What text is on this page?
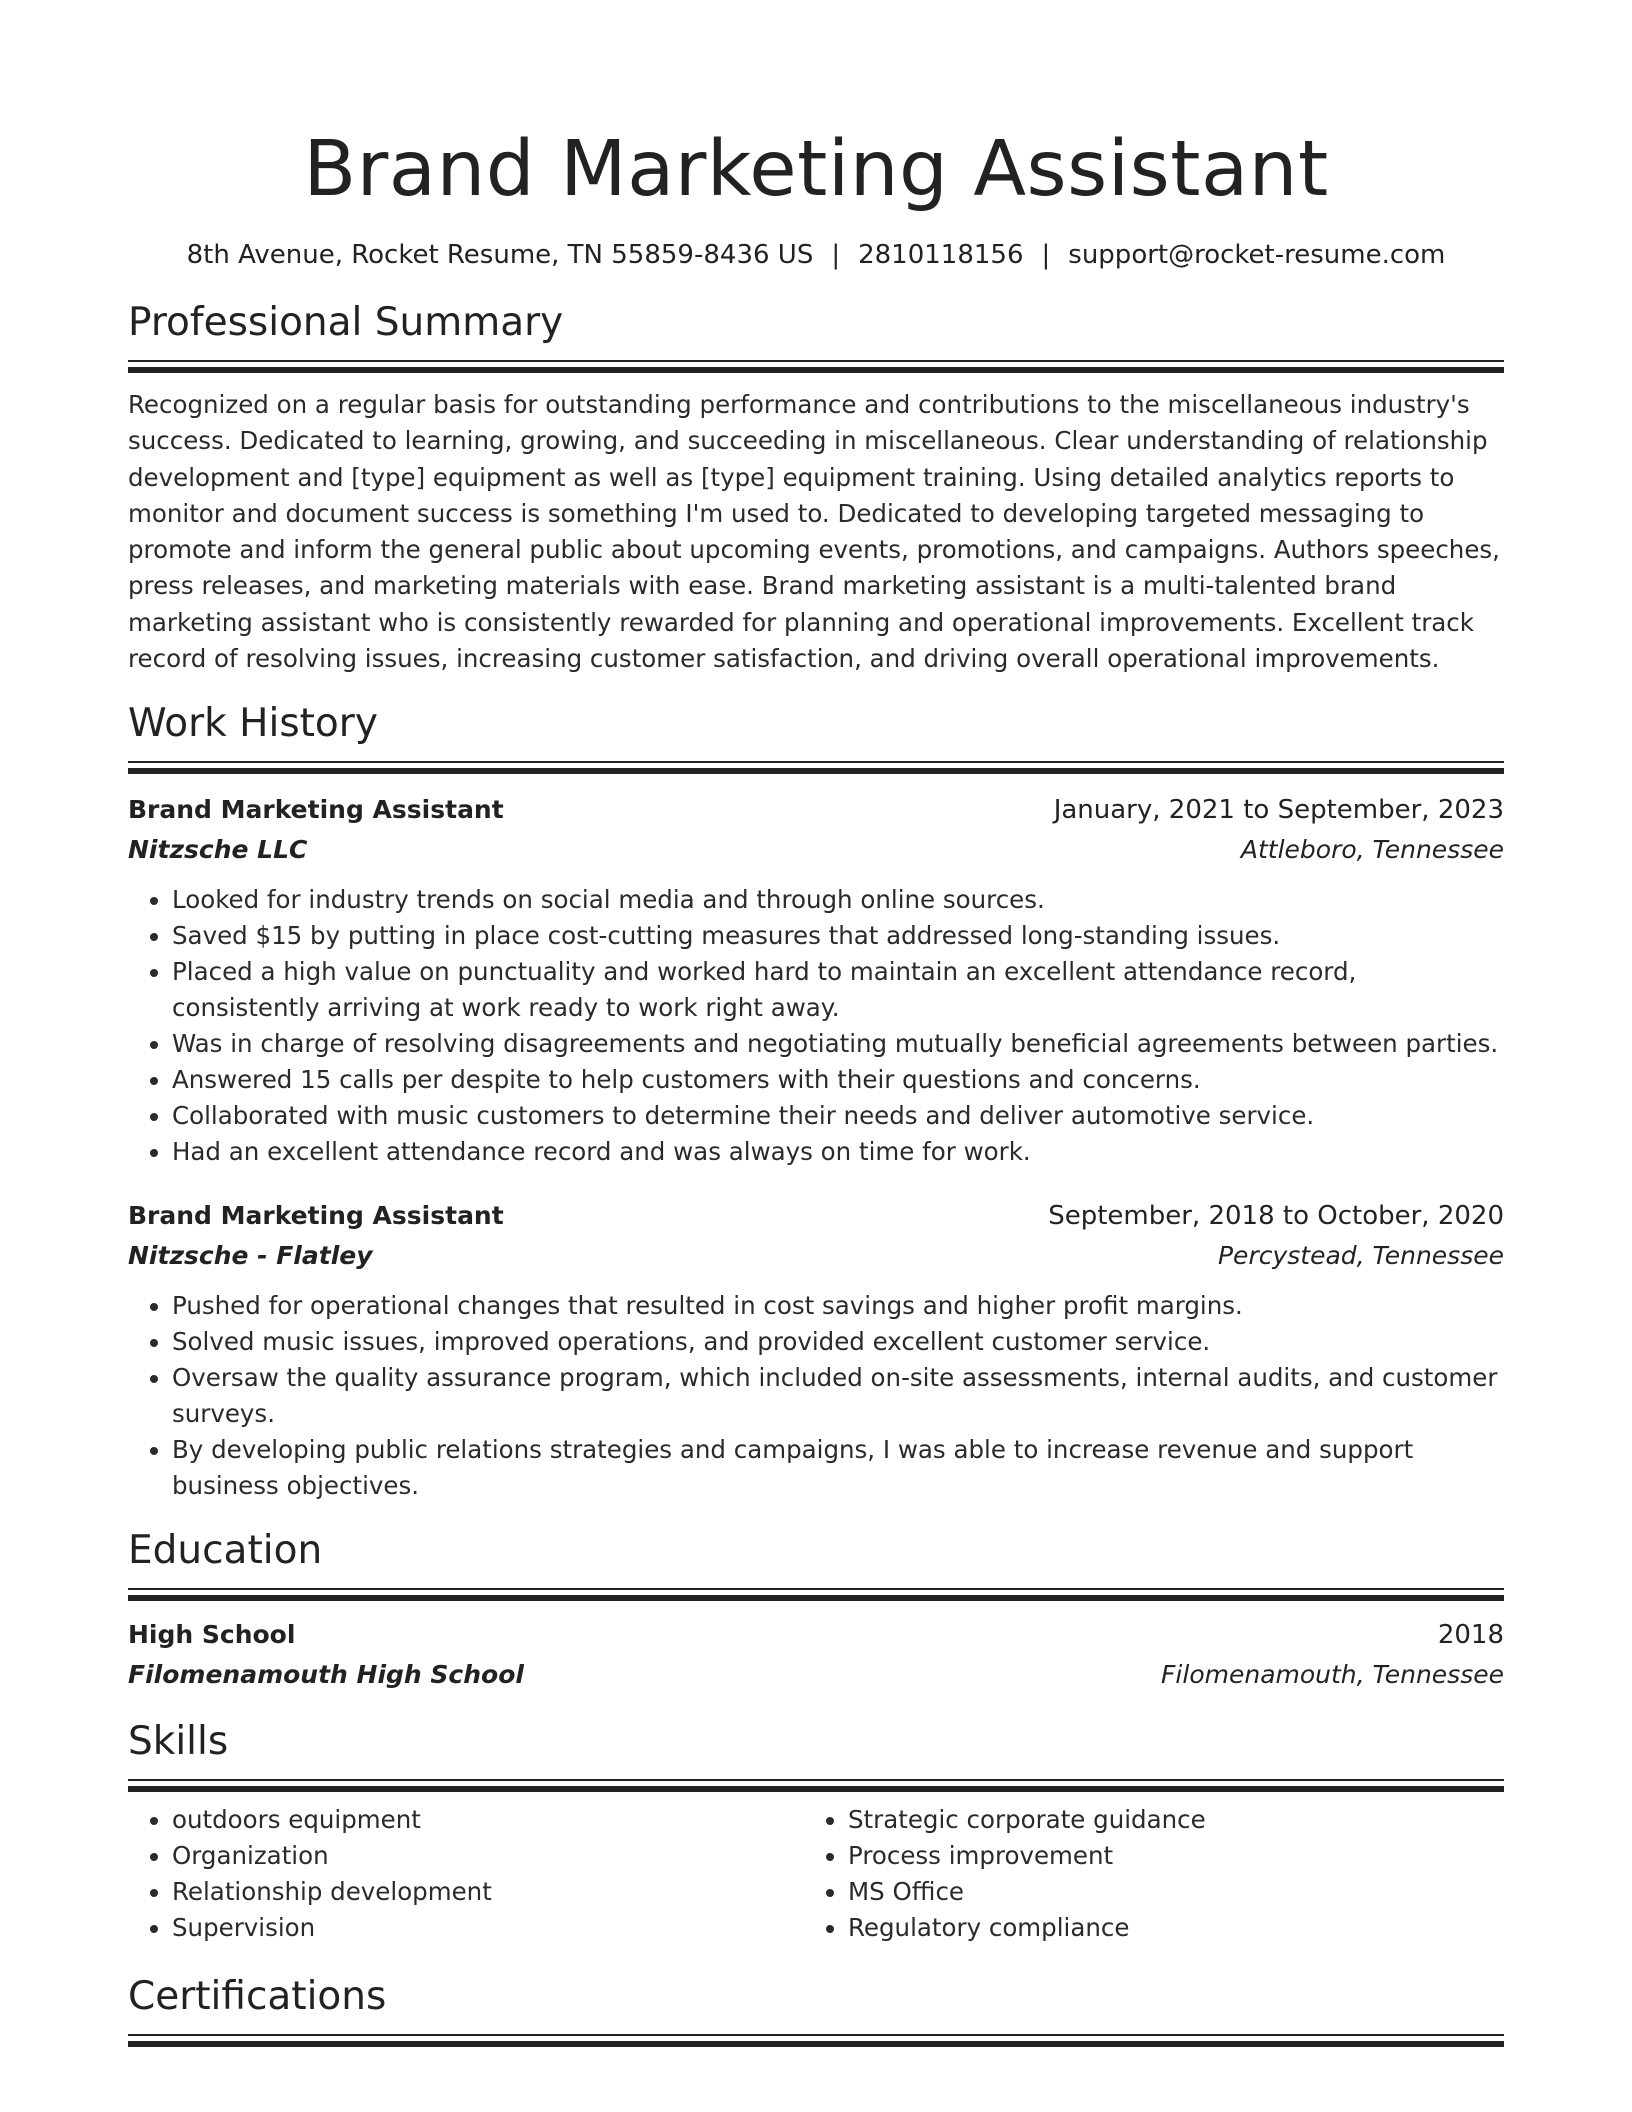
Brand Marketing Assistant
8th Avenue, Rocket Resume, TN 55859-8436 US | 2810118156 | support@rocket-resume.com
Professional Summary
Recognized on a regular basis for outstanding performance and contributions to the miscellaneous industry's success. Dedicated to learning, growing, and succeeding in miscellaneous. Clear understanding of relationship development and [type] equipment as well as [type] equipment training. Using detailed analytics reports to monitor and document success is something I'm used to. Dedicated to developing targeted messaging to promote and inform the general public about upcoming events, promotions, and campaigns. Authors speeches, press releases, and marketing materials with ease. Brand marketing assistant is a multi-talented brand marketing assistant who is consistently rewarded for planning and operational improvements. Excellent track record of resolving issues, increasing customer satisfaction, and driving overall operational improvements.
Work History
Brand Marketing Assistant	January, 2021 to September, 2023
Nitzsche LLC	Attleboro, Tennessee
• Looked for industry trends on social media and through online sources.
• Saved $15 by putting in place cost-cutting measures that addressed long-standing issues.
• Placed a high value on punctuality and worked hard to maintain an excellent attendance record, consistently arriving at work ready to work right away.
• Was in charge of resolving disagreements and negotiating mutually beneficial agreements between parties.
• Answered 15 calls per despite to help customers with their questions and concerns.
• Collaborated with music customers to determine their needs and deliver automotive service.
• Had an excellent attendance record and was always on time for work.
Brand Marketing Assistant	September, 2018 to October, 2020
Nitzsche - Flatley	Percystead, Tennessee
• Pushed for operational changes that resulted in cost savings and higher profit margins.
• Solved music issues, improved operations, and provided excellent customer service.
• Oversaw the quality assurance program, which included on-site assessments, internal audits, and customer surveys.
• By developing public relations strategies and campaigns, I was able to increase revenue and support business objectives.
Education
High School	2018
Filomenamouth High School	Filomenamouth, Tennessee
Skills
• outdoors equipment
• Organization
• Relationship development
• Supervision
• Strategic corporate guidance
• Process improvement
• MS Office
• Regulatory compliance
Certifications
